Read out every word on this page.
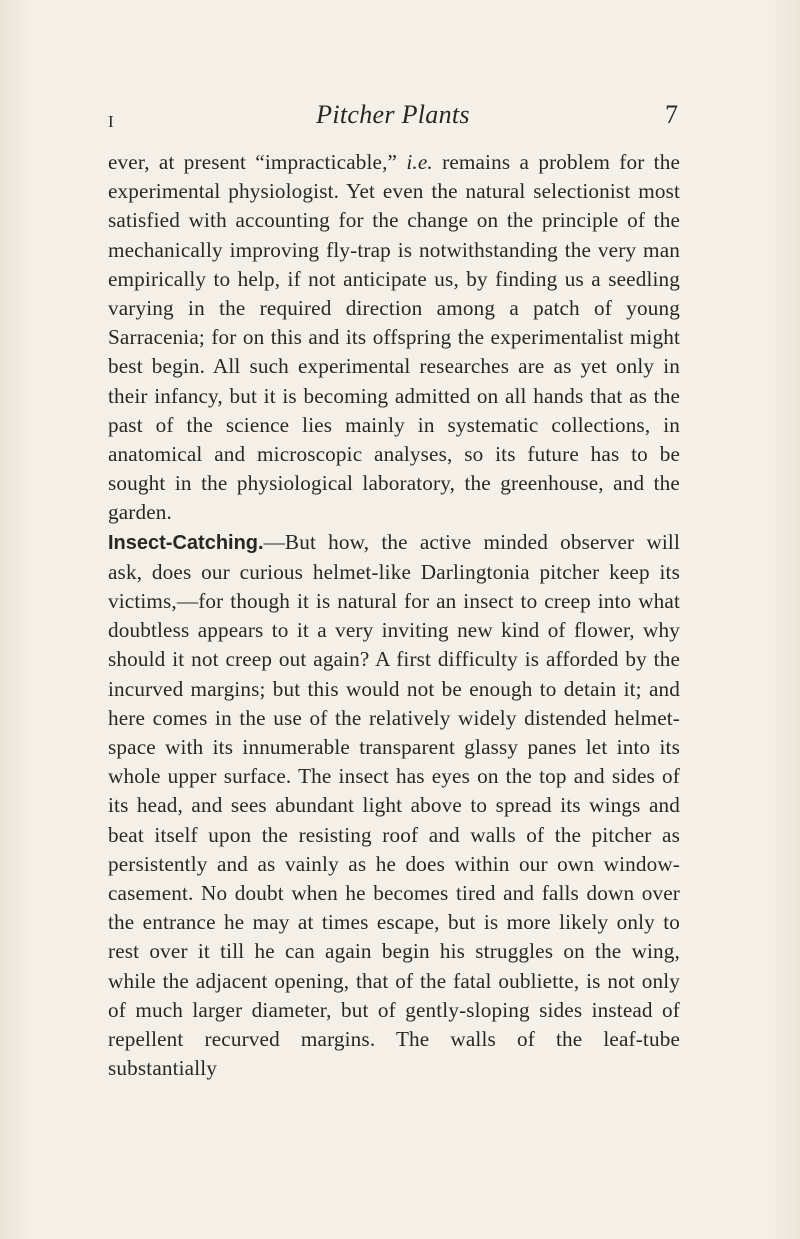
I	Pitcher Plants	7

ever, at present “impracticable,” i.e. remains a problem for the experimental physiologist. Yet even the natural selectionist most satisfied with accounting for the change on the principle of the mechanically improving fly-trap is notwithstanding the very man empirically to help, if not anticipate us, by finding us a seedling varying in the required direction among a patch of young Sarracenia; for on this and its offspring the experimentalist might best begin. All such experimental researches are as yet only in their infancy, but it is becoming admitted on all hands that as the past of the science lies mainly in systematic collections, in anatomical and microscopic analyses, so its future has to be sought in the physiological laboratory, the greenhouse, and the garden.

Insect-Catching.—But how, the active minded observer will ask, does our curious helmet-like Darlingtonia pitcher keep its victims,—for though it is natural for an insect to creep into what doubtless appears to it a very inviting new kind of flower, why should it not creep out again? A first difficulty is afforded by the incurved margins; but this would not be enough to detain it; and here comes in the use of the relatively widely distended helmet-space with its innumerable transparent glassy panes let into its whole upper surface. The insect has eyes on the top and sides of its head, and sees abundant light above to spread its wings and beat itself upon the resisting roof and walls of the pitcher as persistently and as vainly as he does within our own window-casement. No doubt when he becomes tired and falls down over the entrance he may at times escape, but is more likely only to rest over it till he can again begin his struggles on the wing, while the adjacent opening, that of the fatal oubliette, is not only of much larger diameter, but of gently-sloping sides instead of repellent recurved margins. The walls of the leaf-tube substantially
